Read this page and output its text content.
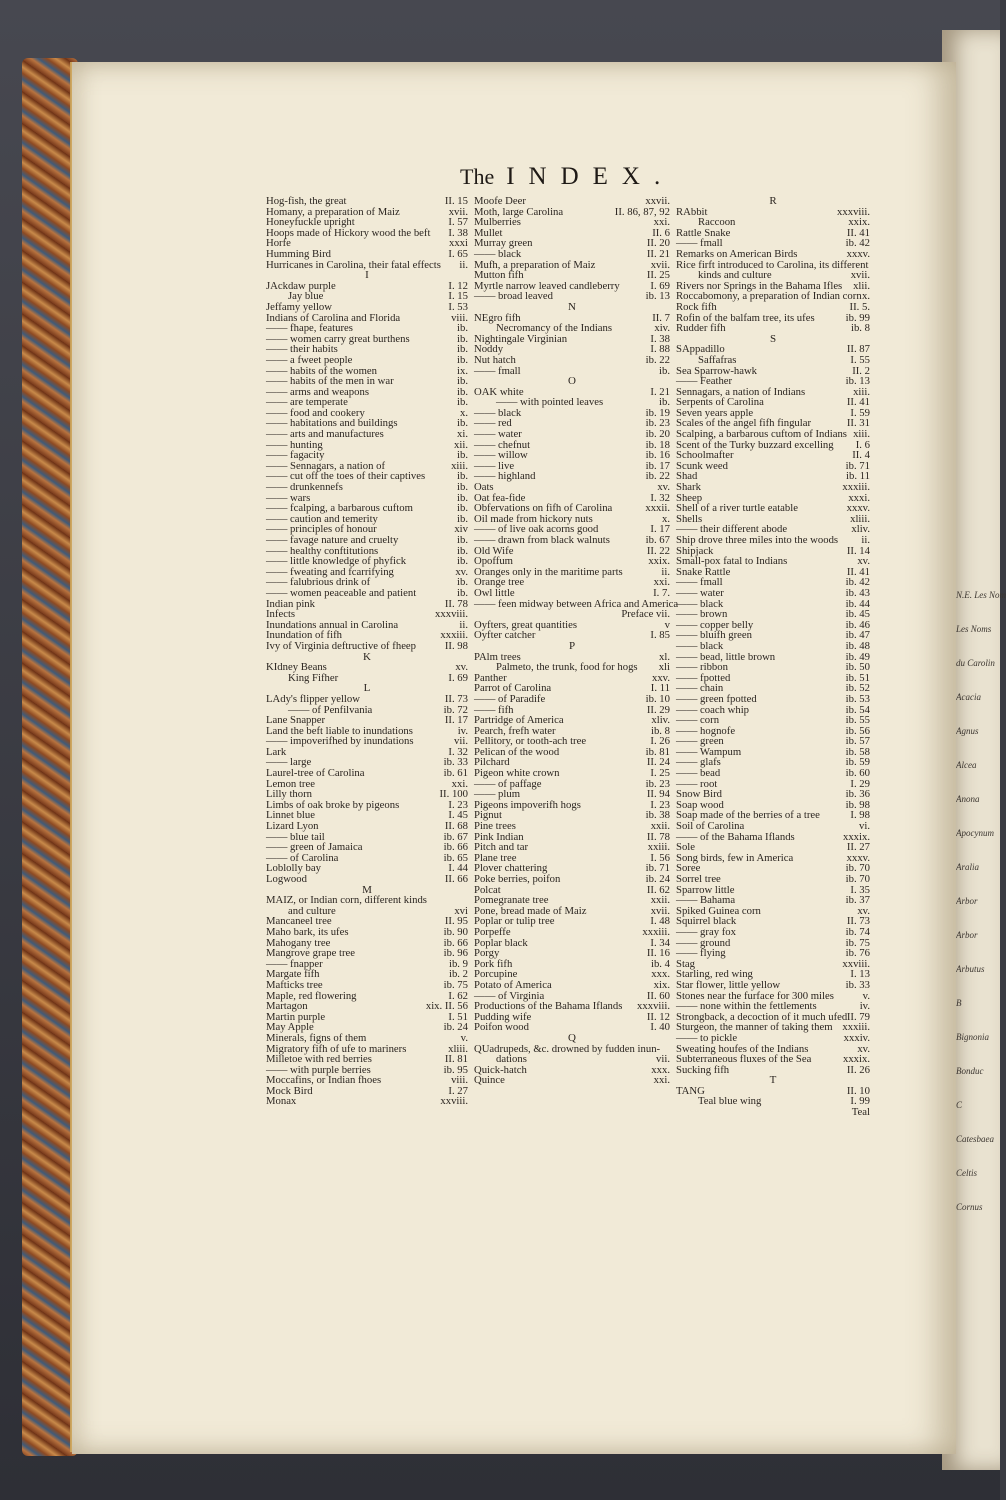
N.E. Les Nom
Les Noms
du Carolin
Acacia
Agnus
Alcea
Anona
Apocynum
Aralia
Arbor
Arbor
Arbutus
B
Bignonia
Bonduc
C
Catesbaea
Celtis
Cornus
The INDEX.
Hog-fish, the great	II. 15
Homany, a preparation of Maiz	xvii.
Honeyfuckle upright	I. 57
Hoops made of Hickory wood the beft I. 38
Horfe	xxxi
Humming Bird	I. 65
Hurricanes in Carolina, their fatal effects ii.
I
JAckdaw purple	I. 12
Jay blue	I. 15
Jeffamy yellow	I. 53
Indians of Carolina and Florida	viii.
—— fhape, features	ib.
—— women carry great burthens	ib.
—— their habits	ib.
—— a fweet people	ib.
—— habits of the women	ix.
—— habits of the men in war	ib.
—— arms and weapons	ib.
—— are temperate	ib.
—— food and cookery	x.
—— habitations and buildings	ib.
—— arts and manufactures	xi.
—— hunting	xii.
—— fagacity	ib.
—— Sennagars, a nation of	xiii.
—— cut off the toes of their captives	ib.
—— drunkennefs	ib.
—— wars	ib.
—— fcalping, a barbarous cuftom	ib.
—— caution and temerity	ib.
—— principles of honour	xiv
—— favage nature and cruelty	ib.
—— healthy conftitutions	ib.
—— little knowledge of phyfick	ib.
—— fweating and fcarrifying	xv.
—— falubrious drink of	ib.
—— women peaceable and patient	ib.
Indian pink	II. 78
Infects	xxxviii.
Inundations annual in Carolina	ii.
Inundation of fifh	xxxiii.
Ivy of Virginia deftructive of fheep	II. 98
K
KIdney Beans	xv.
King Fifher	I. 69
L
LAdy's flipper yellow	II. 73
—— of Penfilvania	ib. 72
Lane Snapper	II. 17
Land the beft liable to inundations	iv.
—— impoverifhed by inundations	vii.
Lark	I. 32
—— large	ib. 33
Laurel-tree of Carolina	ib. 61
Lemon tree	xxi.
Lilly thorn	II. 100
Limbs of oak broke by pigeons	I. 23
Linnet blue	I. 45
Lizard Lyon	II. 68
—— blue tail	ib. 67
—— green of Jamaica	ib. 66
—— of Carolina	ib. 65
Loblolly bay	I. 44
Logwood	II. 66
M
MAIZ, or Indian corn, different kinds
and culture	xvi
Mancaneel tree	II. 95
Maho bark, its ufes	ib. 90
Mahogany tree	ib. 66
Mangrove grape tree	ib. 96
—— fnapper	ib. 9
Margate fifh	ib. 2
Mafticks tree	ib. 75
Maple, red flowering	I. 62
Martagon	xix. II. 56
Martin purple	I. 51
May Apple	ib. 24
Minerals, figns of them	v.
Migratory fifh of ufe to mariners	xliii.
Milletoe with red berries	II. 81
—— with purple berries	ib. 95
Moccafins, or Indian fhoes	viii.
Mock Bird	I. 27
Monax	xxviii.
Moofe Deer	xxvii.
Moth, large Carolina	II. 86, 87, 92
Mulberries	xxi.
Mullet	II. 6
Murray green	II. 20
—— black	II. 21
Mufh, a preparation of Maiz	xvii.
Mutton fifh	II. 25
Myrtle narrow leaved candleberry	I. 69
—— broad leaved	ib. 13
N
NEgro fifh	II. 7
Necromancy of the Indians	xiv.
Nightingale Virginian	I. 38
Noddy	I. 88
Nut hatch	ib. 22
—— fmall	ib.
O
OAK white	I. 21
—— with pointed leaves	ib.
—— black	ib. 19
—— red	ib. 23
—— water	ib. 20
—— chefnut	ib. 18
—— willow	ib. 16
—— live	ib. 17
—— highland	ib. 22
Oats	xv.
Oat fea-fide	I. 32
Obfervations on fifh of Carolina	xxxii.
Oil made from hickory nuts	x.
—— of live oak acorns good	I. 17
—— drawn from black walnuts	ib. 67
Old Wife	II. 22
Opoffum	xxix.
Oranges only in the maritime parts	ii.
Orange tree	xxi.
Owl little	I. 7.
—— feen midway between Africa and America
Preface vii.
Oyfters, great quantities	v
Oyfter catcher	I. 85
P
PAlm trees	xl.
Palmeto, the trunk, food for hogs xli
Panther	xxv.
Parrot of Carolina	I. 11
—— of Paradife	ib. 10
—— fifh	II. 29
Partridge of America	xliv.
Pearch, frefh water	ib. 8
Pellitory, or tooth-ach tree	I. 26
Pelican of the wood	ib. 81
Pilchard	II. 24
Pigeon white crown	I. 25
—— of paffage	ib. 23
—— plum	II. 94
Pigeons impoverifh hogs	I. 23
Pignut	ib. 38
Pine trees	xxii.
Pink Indian	II. 78
Pitch and tar	xxiii.
Plane tree	I. 56
Plover chattering	ib. 71
Poke berries, poifon	ib. 24
Polcat	II. 62
Pomegranate tree	xxii.
Pone, bread made of Maiz	xvii.
Poplar or tulip tree	I. 48
Porpeffe	xxxiii.
Poplar black	I. 34
Porgy	II. 16
Pork fifh	ib. 4
Porcupine	xxx.
Potato of America	xix.
—— of Virginia	II. 60
Productions of the Bahama Iflands xxxviii.
Pudding wife	II. 12
Poifon wood	I. 40
Q
QUadrupeds, &c. drowned by fudden inun-
dations	vii.
Quick-hatch	xxx.
Quince	xxi.
R
RAbbit	xxxviii.
Raccoon	xxix.
Rattle Snake	II. 41
—— fmall	ib. 42
Remarks on American Birds	xxxv.
Rice firft introduced to Carolina, its different
kinds and culture	xvii.
Rivers nor Springs in the Bahama Ifles xlii.
Roccabomony, a preparation of Indian corn x.
Rock fifh	II. 5.
Rofin of the balfam tree, its ufes	ib. 99
Rudder fifh	ib. 8
S
SAppadillo	II. 87
Saffafras	I. 55
Sea Sparrow-hawk	II. 2
—— Feather	ib. 13
Sennagars, a nation of Indians	xiii.
Serpents of Carolina	II. 41
Seven years apple	I. 59
Scales of the angel fifh fingular	II. 31
Scalping, a barbarous cuftom of Indians xiii.
Scent of the Turky buzzard excelling I. 6
Schoolmafter	II. 4
Scunk weed	ib. 71
Shad	ib. 11
Shark	xxxiii.
Sheep	xxxi.
Shell of a river turtle eatable	xxxv.
Shells	xliii.
—— their different abode	xliv.
Ship drove three miles into the woods ii.
Shipjack	II. 14
Small-pox fatal to Indians	xv.
Snake Rattle	II. 41
—— fmall	ib. 42
—— water	ib. 43
—— black	ib. 44
—— brown	ib. 45
—— copper belly	ib. 46
—— bluifh green	ib. 47
—— black	ib. 48
—— bead, little brown	ib. 49
—— ribbon	ib. 50
—— fpotted	ib. 51
—— chain	ib. 52
—— green fpotted	ib. 53
—— coach whip	ib. 54
—— corn	ib. 55
—— hognofe	ib. 56
—— green	ib. 57
—— Wampum	ib. 58
—— glafs	ib. 59
—— bead	ib. 60
—— root	I. 29
Snow Bird	ib. 36
Soap wood	ib. 98
Soap made of the berries of a tree	I. 98
Soil of Carolina	vi.
—— of the Bahama Iflands	xxxix.
Sole	II. 27
Song birds, few in America	xxxv.
Soree	ib. 70
Sorrel tree	ib. 70
Sparrow little	I. 35
—— Bahama	ib. 37
Spiked Guinea corn	xv.
Squirrel black	II. 73
—— gray fox	ib. 74
—— ground	ib. 75
—— flying	ib. 76
Stag	xxviii.
Starling, red wing	I. 13
Star flower, little yellow	ib. 33
Stones near the furface for 300 miles	v.
—— none within the fettlements	iv.
Strongback, a decoction of it much ufed II. 79
Sturgeon, the manner of taking them xxxiii.
—— to pickle	xxxiv.
Sweating houfes of the Indians	xv.
Subterraneous fluxes of the Sea	xxxix.
Sucking fifh	II. 26
T
TANG	II. 10
Teal blue wing	I. 99
Teal
